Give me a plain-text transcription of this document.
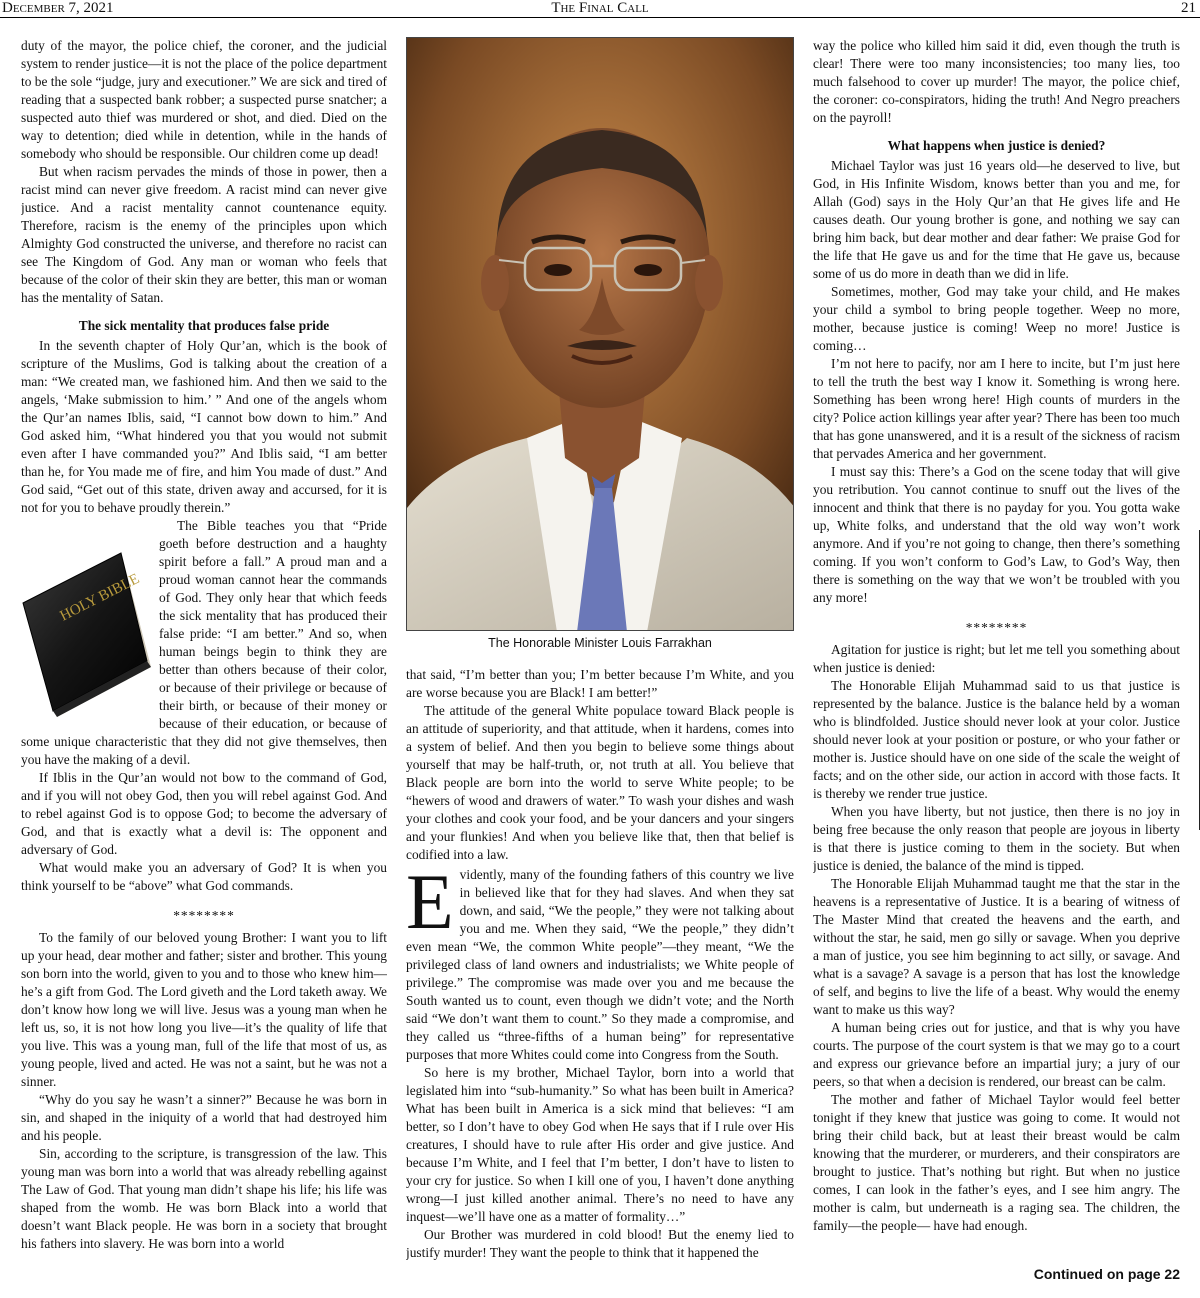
December 7, 2021	The Final Call	21

duty of the mayor, the police chief, the coroner, and the judicial system to render justice—it is not the place of the police department to be the sole “judge, jury and executioner.” We are sick and tired of reading that a suspected bank robber; a suspected purse snatcher; a suspected auto thief was murdered or shot, and died. Died on the way to detention; died while in detention, while in the hands of somebody who should be responsible. Our children come up dead!

But when racism pervades the minds of those in power, then a racist mind can never give freedom. A racist mind can never give justice. And a racist mentality cannot countenance equity. Therefore, racism is the enemy of the principles upon which Almighty God constructed the universe, and therefore no racist can see The Kingdom of God. Any man or woman who feels that because of the color of their skin they are better, this man or woman has the mentality of Satan.

The sick mentality that produces false pride

In the seventh chapter of Holy Qur’an, which is the book of scripture of the Muslims, God is talking about the creation of a man: “We created man, we fashioned him. And then we said to the angels, ‘Make submission to him.’ ” And one of the angels whom the Qur’an names Iblis, said, “I cannot bow down to him.” And God asked him, “What hindered you that you would not submit even after I have commanded you?” And Iblis said, “I am better than he, for You made me of fire, and him You made of dust.” And God said, “Get out of this state, driven away and accursed, for it is not for you to behave proudly therein.”

HOLY BIBLE

The Bible teaches you that “Pride goeth before destruction and a haughty spirit before a fall.” A proud man and a proud woman cannot hear the commands of God. They only hear that which feeds the sick mentality that has produced their false pride: “I am better.” And so, when human beings begin to think they are better than others because of their color, or because of their privilege or because of their birth, or because of their money or because of their education, or because of some unique characteristic that they did not give themselves, then you have the making of a devil.

If Iblis in the Qur’an would not bow to the command of God, and if you will not obey God, then you will rebel against God. And to rebel against God is to oppose God; to become the adversary of God, and that is exactly what a devil is: The opponent and adversary of God.

What would make you an adversary of God? It is when you think yourself to be “above” what God commands.

********

To the family of our beloved young Brother: I want you to lift up your head, dear mother and father; sister and brother. This young son born into the world, given to you and to those who knew him—he’s a gift from God. The Lord giveth and the Lord taketh away. We don’t know how long we will live. Jesus was a young man when he left us, so, it is not how long you live—it’s the quality of life that you live. This was a young man, full of the life that most of us, as young people, lived and acted. He was not a saint, but he was not a sinner.

“Why do you say he wasn’t a sinner?” Because he was born in sin, and shaped in the iniquity of a world that had destroyed him and his people.

Sin, according to the scripture, is transgression of the law. This young man was born into a world that was already rebelling against The Law of God. That young man didn’t shape his life; his life was shaped from the womb. He was born Black into a world that doesn’t want Black people. He was born in a society that brought his fathers into slavery. He was born into a world

The Honorable Minister Louis Farrakhan

that said, “I’m better than you; I’m better because I’m White, and you are worse because you are Black! I am better!”

The attitude of the general White populace toward Black people is an attitude of superiority, and that attitude, when it hardens, comes into a system of belief. And then you begin to believe some things about yourself that may be half-truth, or, not truth at all. You believe that Black people are born into the world to serve White people; to be “hewers of wood and drawers of water.” To wash your dishes and wash your clothes and cook your food, and be your dancers and your singers and your flunkies! And when you believe like that, then that belief is codified into a law.

Evidently, many of the founding fathers of this country we live in believed like that for they had slaves. And when they sat down, and said, “We the people,” they were not talking about you and me. When they said, “We the people,” they didn’t even mean “We, the common White people”—they meant, “We the privileged class of land owners and industrialists; we White people of privilege.” The compromise was made over you and me because the South wanted us to count, even though we didn’t vote; and the North said “We don’t want them to count.” So they made a compromise, and they called us “three-fifths of a human being” for representative purposes that more Whites could come into Congress from the South.

So here is my brother, Michael Taylor, born into a world that legislated him into “sub-humanity.” So what has been built in America? What has been built in America is a sick mind that believes: “I am better, so I don’t have to obey God when He says that if I rule over His creatures, I should have to rule after His order and give justice. And because I’m White, and I feel that I’m better, I don’t have to listen to your cry for justice. So when I kill one of you, I haven’t done anything wrong—I just killed another animal. There’s no need to have any inquest—we’ll have one as a matter of formality…”

Our Brother was murdered in cold blood! But the enemy lied to justify murder! They want the people to think that it happened the

way the police who killed him said it did, even though the truth is clear! There were too many inconsistencies; too many lies, too much falsehood to cover up murder! The mayor, the police chief, the coroner: co-conspirators, hiding the truth! And Negro preachers on the payroll!

What happens when justice is denied?

Michael Taylor was just 16 years old—he deserved to live, but God, in His Infinite Wisdom, knows better than you and me, for Allah (God) says in the Holy Qur’an that He gives life and He causes death. Our young brother is gone, and nothing we say can bring him back, but dear mother and dear father: We praise God for the life that He gave us and for the time that He gave us, because some of us do more in death than we did in life.

Sometimes, mother, God may take your child, and He makes your child a symbol to bring people together. Weep no more, mother, because justice is coming! Weep no more! Justice is coming…

I’m not here to pacify, nor am I here to incite, but I’m just here to tell the truth the best way I know it. Something is wrong here. Something has been wrong here! High counts of murders in the city? Police action killings year after year? There has been too much that has gone unanswered, and it is a result of the sickness of racism that pervades America and her government.

I must say this: There’s a God on the scene today that will give you retribution. You cannot continue to snuff out the lives of the innocent and think that there is no payday for you. You gotta wake up, White folks, and understand that the old way won’t work anymore. And if you’re not going to change, then there’s something coming. If you won’t conform to God’s Law, to God’s Way, then there is something on the way that we won’t be troubled with you any more!

********

Agitation for justice is right; but let me tell you something about when justice is denied:

The Honorable Elijah Muhammad said to us that justice is represented by the balance. Justice is the balance held by a woman who is blindfolded. Justice should never look at your color. Justice should never look at your position or posture, or who your father or mother is. Justice should have on one side of the scale the weight of facts; and on the other side, our action in accord with those facts. It is thereby we render true justice.

When you have liberty, but not justice, then there is no joy in being free because the only reason that people are joyous in liberty is that there is justice coming to them in the society. But when justice is denied, the balance of the mind is tipped.

The Honorable Elijah Muhammad taught me that the star in the heavens is a representative of Justice. It is a bearing of witness of The Master Mind that created the heavens and the earth, and without the star, he said, men go silly or savage. When you deprive a man of justice, you see him beginning to act silly, or savage. And what is a savage? A savage is a person that has lost the knowledge of self, and begins to live the life of a beast. Why would the enemy want to make us this way?

A human being cries out for justice, and that is why you have courts. The purpose of the court system is that we may go to a court and express our grievance before an impartial jury; a jury of our peers, so that when a decision is rendered, our breast can be calm.

The mother and father of Michael Taylor would feel better tonight if they knew that justice was going to come. It would not bring their child back, but at least their breast would be calm knowing that the murderer, or murderers, and their conspirators are brought to justice. That’s nothing but right. But when no justice comes, I can look in the father’s eyes, and I see him angry. The mother is calm, but underneath is a raging sea. The children, the family—the people— have had enough.

Continued on page 22
